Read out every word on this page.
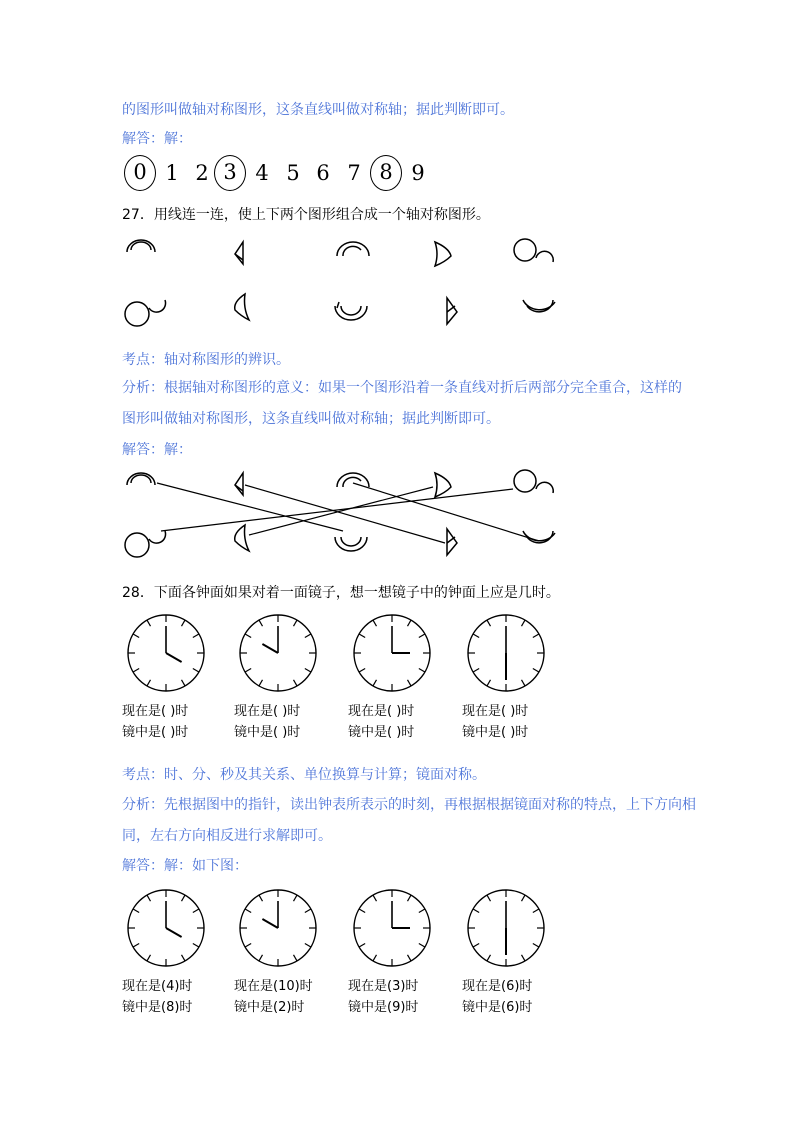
的图形叫做轴对称图形，这条直线叫做对称轴；据此判断即可。
解答：解：
0 1 2 3 4 5 6 7 8 9
27．用线连一连，使上下两个图形组合成一个轴对称图形。
考点：轴对称图形的辨识。
分析：根据轴对称图形的意义：如果一个图形沿着一条直线对折后两部分完全重合，这样的
图形叫做轴对称图形，这条直线叫做对称轴；据此判断即可。
解答：解：
28．下面各钟面如果对着一面镜子，想一想镜子中的钟面上应是几时。
现在是( )时
镜中是( )时
现在是( )时
镜中是( )时
现在是( )时
镜中是( )时
现在是( )时
镜中是( )时
考点：时、分、秒及其关系、单位换算与计算；镜面对称。
分析：先根据图中的指针，读出钟表所表示的时刻，再根据根据镜面对称的特点，上下方向相
同，左右方向相反进行求解即可。
解答：解：如下图：
现在是(4)时
镜中是(8)时
现在是(10)时
镜中是(2)时
现在是(3)时
镜中是(9)时
现在是(6)时
镜中是(6)时
